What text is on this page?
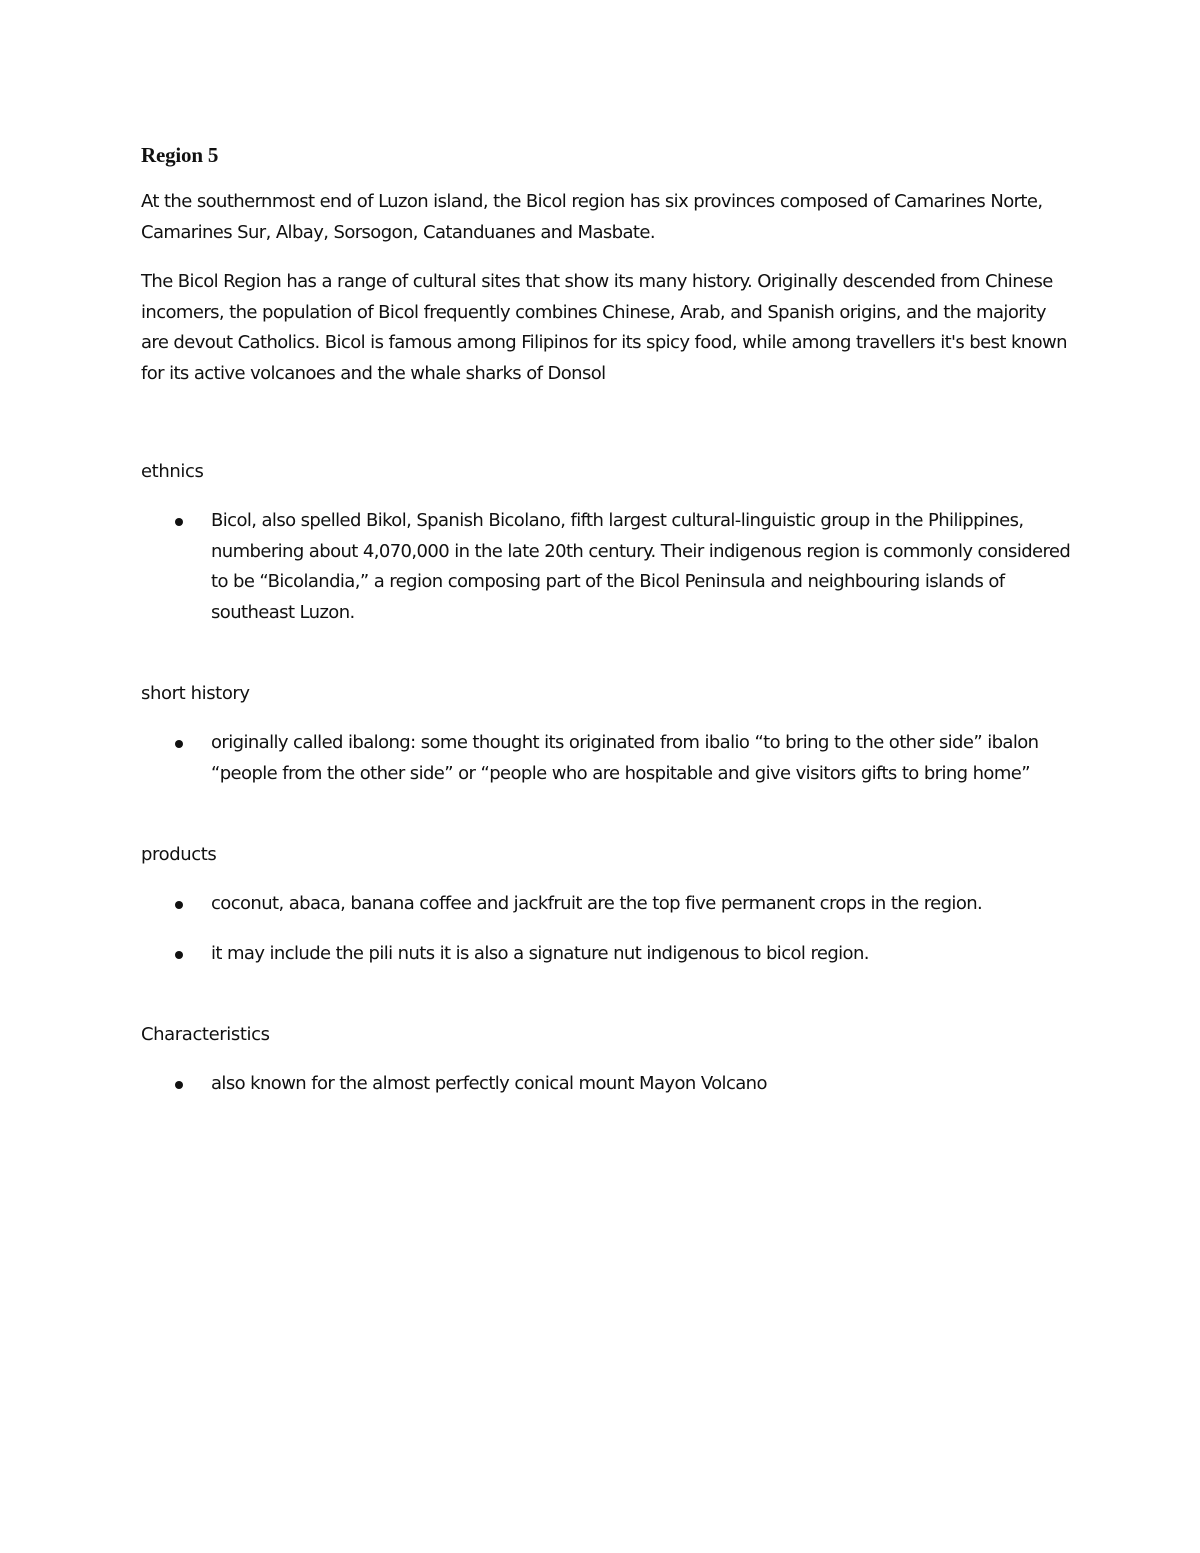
Region 5

At the southernmost end of Luzon island, the Bicol region has six provinces composed of Camarines Norte, Camarines Sur, Albay, Sorsogon, Catanduanes and Masbate.

The Bicol Region has a range of cultural sites that show its many history. Originally descended from Chinese incomers, the population of Bicol frequently combines Chinese, Arab, and Spanish origins, and the majority are devout Catholics. Bicol is famous among Filipinos for its spicy food, while among travellers it's best known for its active volcanoes and the whale sharks of Donsol

ethnics
Bicol, also spelled Bikol, Spanish Bicolano, fifth largest cultural-linguistic group in the Philippines, numbering about 4,070,000 in the late 20th century. Their indigenous region is commonly considered to be “Bicolandia,” a region composing part of the Bicol Peninsula and neighbouring islands of southeast Luzon.
short history
originally called ibalong: some thought its originated from ibalio “to bring to the other side” ibalon “people from the other side” or “people who are hospitable and give visitors gifts to bring home”
products
coconut, abaca, banana coffee and jackfruit are the top five permanent crops in the region.
it may include the pili nuts it is also a signature nut indigenous to bicol region.
Characteristics
also known for the almost perfectly conical mount Mayon Volcano
